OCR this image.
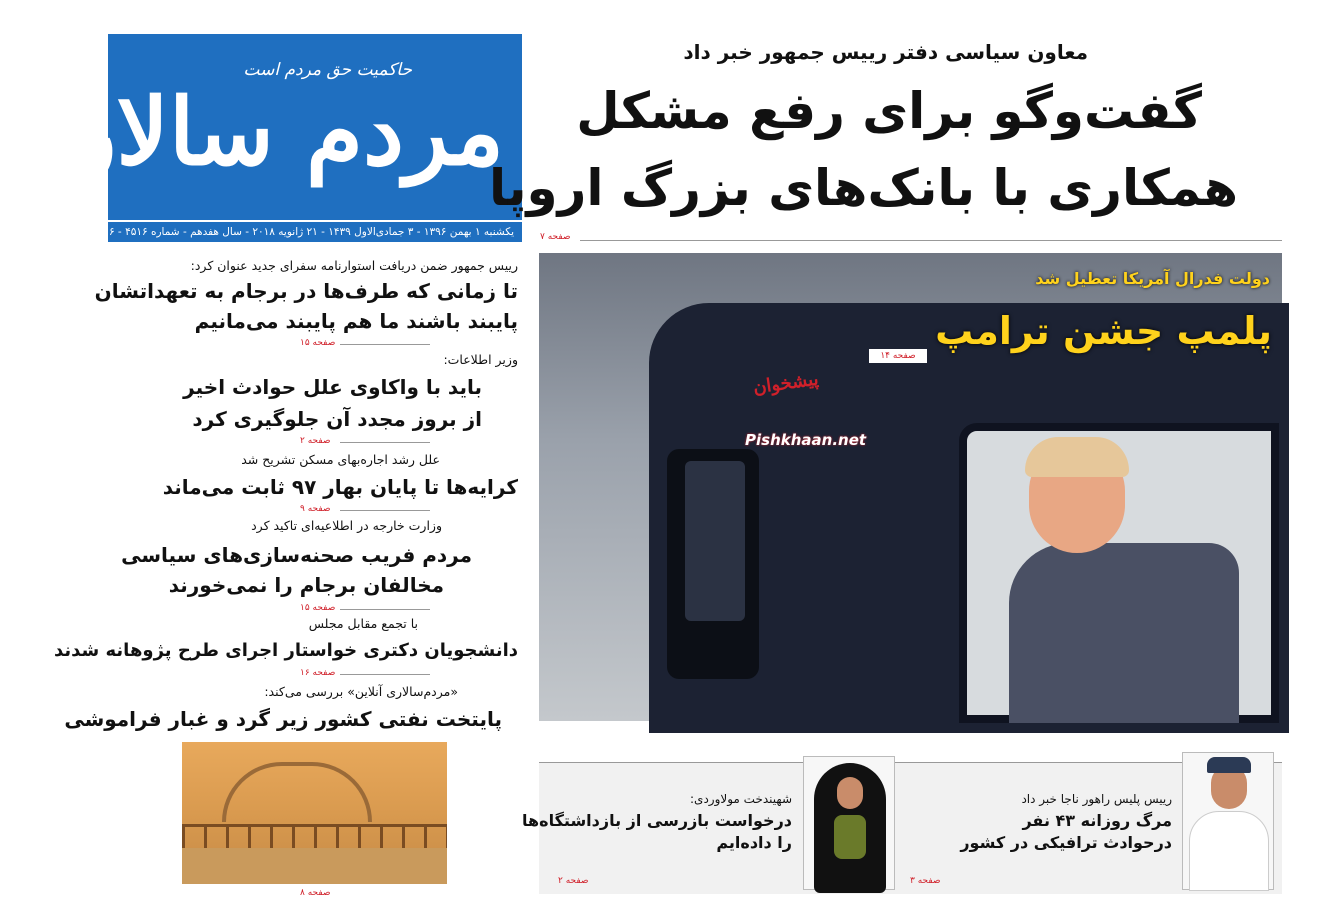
حاکمیت حق مردم است
مردم سالاری
یکشنبه ۱ بهمن ۱۳۹۶ - ۳ جمادی‌الاول ۱۴۳۹ - ۲۱ ژانویه ۲۰۱۸ - سال هفدهم - شماره ۴۵۱۶ - ۶ صفحه - ۱۰۰۰ تومان
معاون سیاسی دفتر رییس جمهور خبر داد
گفت‌وگو برای رفع مشکل
همکاری با بانک‌های بزرگ اروپا
صفحه ۷
دولت فدرال آمریکا تعطیل شد
پلمپ جشن ترامپ
صفحه ۱۴
پیشخوان
Pishkhaan.net
رییس جمهور ضمن دریافت استوارنامه سفرای جدید عنوان کرد:
تا زمانی که طرف‌ها در برجام به تعهداتشان
پایبند باشند ما هم پایبند می‌مانیم
صفحه ۱۵
وزیر اطلاعات:
باید با واکاوی علل حوادث اخیر
از بروز مجدد آن جلوگیری کرد
صفحه ۲
علل رشد اجاره‌بهای مسکن تشریح شد
کرایه‌ها تا پایان بهار ۹۷ ثابت می‌ماند
صفحه ۹
وزارت خارجه در اطلاعیه‌ای تاکید کرد
مردم فریب صحنه‌سازی‌های سیاسی
مخالفان برجام را نمی‌خورند
صفحه ۱۵
با تجمع مقابل مجلس
دانشجویان دکتری خواستار اجرای طرح پژوهانه شدند
صفحه ۱۶
«مردم‌سالاری آنلاین» بررسی می‌کند:
پایتخت نفتی کشور زیر گرد و غبار فراموشی
صفحه ۸
رییس پلیس راهور ناجا خبر داد
مرگ روزانه ۴۳ نفر
درحوادث ترافیکی در کشور
صفحه ۳
شهیندخت مولاوردی:
درخواست بازرسی از بازداشتگاه‌ها
را داده‌ایم
صفحه ۲
